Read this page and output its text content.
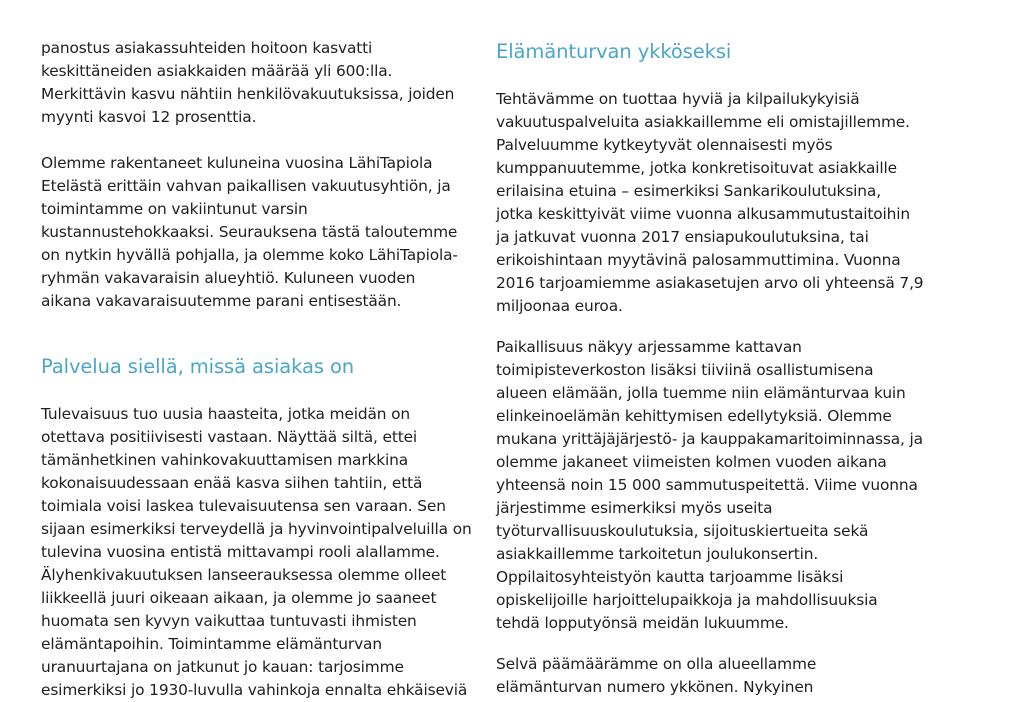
panostus asiakassuhteiden hoitoon kasvatti
keskittäneiden asiakkaiden määrää yli 600:lla.
Merkittävin kasvu nähtiin henkilövakuutuksissa, joiden
myynti kasvoi 12 prosenttia.

Olemme rakentaneet kuluneina vuosina LähiTapiola
Etelästä erittäin vahvan paikallisen vakuutusyhtiön, ja
toimintamme on vakiintunut varsin
kustannustehokkaaksi. Seurauksena tästä taloutemme
on nytkin hyvällä pohjalla, ja olemme koko LähiTapiola-
ryhmän vakavaraisin alueyhtiö. Kuluneen vuoden
aikana vakavaraisuutemme parani entisestään.

Palvelua siellä, missä asiakas on

Tulevaisuus tuo uusia haasteita, jotka meidän on
otettava positiivisesti vastaan. Näyttää siltä, ettei
tämänhetkinen vahinkovakuuttamisen markkina
kokonaisuudessaan enää kasva siihen tahtiin, että
toimiala voisi laskea tulevaisuutensa sen varaan. Sen
sijaan esimerkiksi terveydellä ja hyvinvointipalveluilla on
tulevina vuosina entistä mittavampi rooli alallamme.
Älyhenkivakuutuksen lanseerauksessa olemme olleet
liikkeellä juuri oikeaan aikaan, ja olemme jo saaneet
huomata sen kyvyn vaikuttaa tuntuvasti ihmisten
elämäntapoihin. Toimintamme elämänturvan
uranuurtajana on jatkunut jo kauan: tarjosimme
esimerkiksi jo 1930-luvulla vahinkoja ennalta ehkäiseviä

Elämänturvan ykköseksi

Tehtävämme on tuottaa hyviä ja kilpailukykyisiä
vakuutuspalveluita asiakkaillemme eli omistajillemme.
Palveluumme kytkeytyvät olennaisesti myös
kumppanuutemme, jotka konkretisoituvat asiakkaille
erilaisina etuina – esimerkiksi Sankarikoulutuksina,
jotka keskittyivät viime vuonna alkusammutustaitoihin
ja jatkuvat vuonna 2017 ensiapukoulutuksina, tai
erikoishintaan myytävinä palosammuttimina. Vuonna
2016 tarjoamiemme asiakasetujen arvo oli yhteensä 7,9
miljoonaa euroa.

Paikallisuus näkyy arjessamme kattavan
toimipisteverkoston lisäksi tiiviinä osallistumisena
alueen elämään, jolla tuemme niin elämänturvaa kuin
elinkeinoelämän kehittymisen edellytyksiä. Olemme
mukana yrittäjäjärjestö- ja kauppakamaritoiminnassa, ja
olemme jakaneet viimeisten kolmen vuoden aikana
yhteensä noin 15 000 sammutuspeitettä. Viime vuonna
järjestimme esimerkiksi myös useita
työturvallisuuskoulutuksia, sijoituskiertueita sekä
asiakkaillemme tarkoitetun joulukonsertin.
Oppilaitosyhteistyön kautta tarjoamme lisäksi
opiskelijoille harjoittelupaikkoja ja mahdollisuuksia
tehdä lopputyönsä meidän lukuumme.

Selvä päämäärämme on olla alueellamme
elämänturvan numero ykkönen. Nykyinen
